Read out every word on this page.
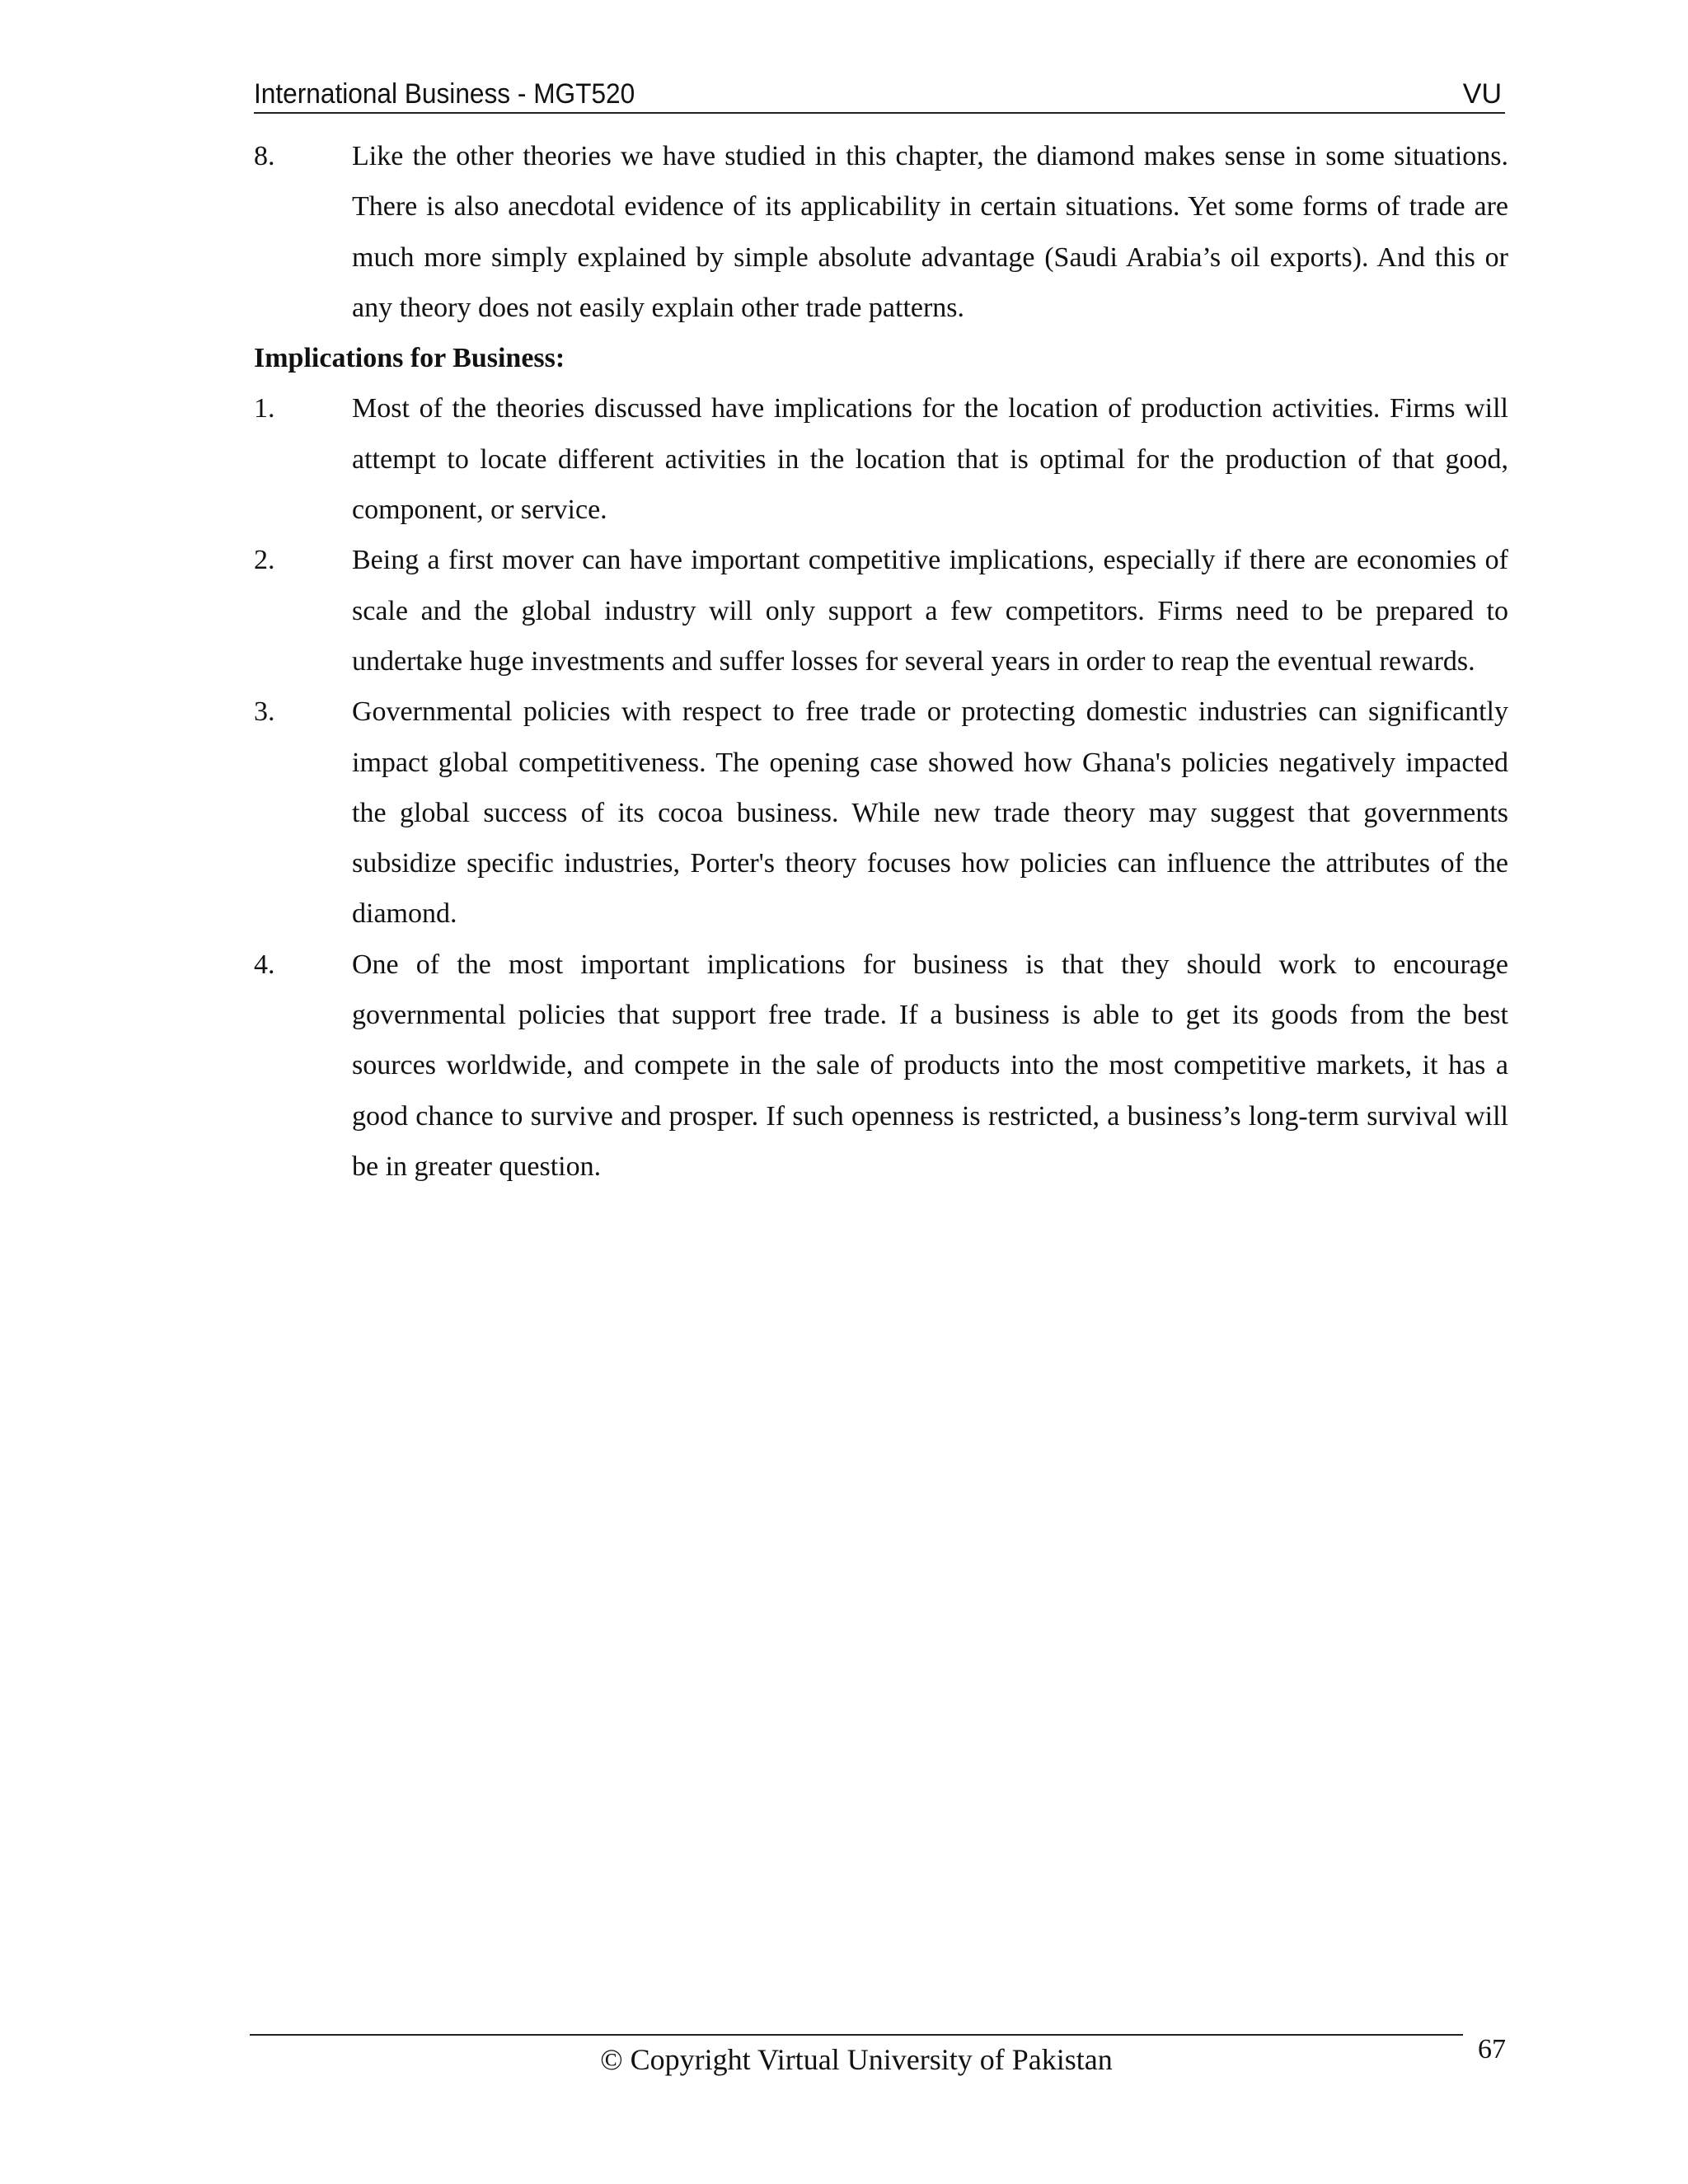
International Business - MGT520	VU
8.	Like the other theories we have studied in this chapter, the diamond makes sense in some situations. There is also anecdotal evidence of its applicability in certain situations. Yet some forms of trade are much more simply explained by simple absolute advantage (Saudi Arabia’s oil exports). And this or any theory does not easily explain other trade patterns.
Implications for Business:
1.	Most of the theories discussed have implications for the location of production activities. Firms will attempt to locate different activities in the location that is optimal for the production of that good, component, or service.
2.	Being a first mover can have important competitive implications, especially if there are economies of scale and the global industry will only support a few competitors. Firms need to be prepared to undertake huge investments and suffer losses for several years in order to reap the eventual rewards.
3.	Governmental policies with respect to free trade or protecting domestic industries can significantly impact global competitiveness. The opening case showed how Ghana's policies negatively impacted the global success of its cocoa business. While new trade theory may suggest that governments subsidize specific industries, Porter's theory focuses how policies can influence the attributes of the diamond.
4.	One of the most important implications for business is that they should work to encourage governmental policies that support free trade. If a business is able to get its goods from the best sources worldwide, and compete in the sale of products into the most competitive markets, it has a good chance to survive and prosper. If such openness is restricted, a business’s long-term survival will be in greater question.
© Copyright Virtual University of Pakistan	67
